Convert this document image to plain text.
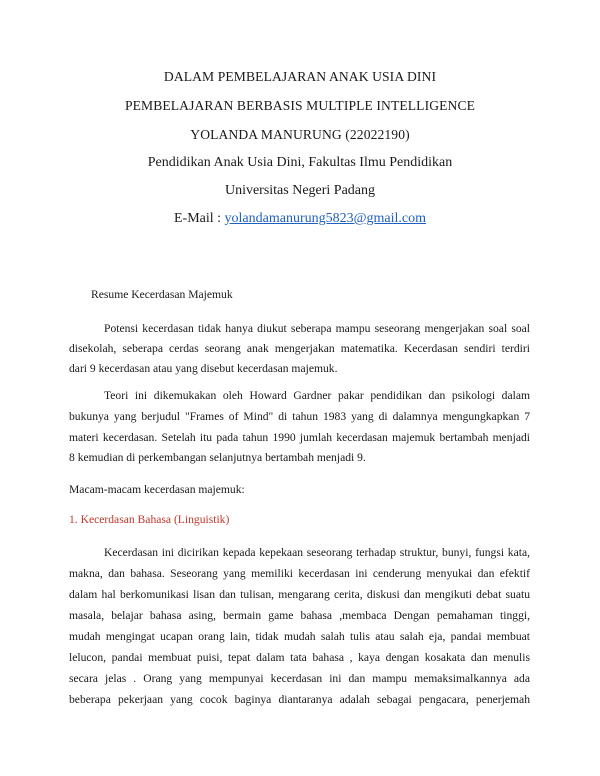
DALAM PEMBELAJARAN ANAK USIA DINI
PEMBELAJARAN BERBASIS MULTIPLE INTELLIGENCE
YOLANDA MANURUNG (22022190)
Pendidikan Anak Usia Dini, Fakultas Ilmu Pendidikan
Universitas Negeri Padang
E-Mail : yolandamanurung5823@gmail.com
Resume Kecerdasan Majemuk
Potensi kecerdasan tidak hanya diukut seberapa mampu seseorang mengerjakan soal soal
disekolah, seberapa cerdas seorang anak mengerjakan matematika. Kecerdasan sendiri terdiri
dari 9 kecerdasan atau yang disebut kecerdasan majemuk.
Teori ini dikemukakan oleh Howard Gardner pakar pendidikan dan psikologi dalam
bukunya yang berjudul "Frames of Mind" di tahun 1983 yang di dalamnya mengungkapkan 7
materi kecerdasan. Setelah itu pada tahun 1990 jumlah kecerdasan majemuk bertambah menjadi
8 kemudian di perkembangan selanjutnya bertambah menjadi 9.
Macam-macam kecerdasan majemuk:
1. Kecerdasan Bahasa (Linguistik)
Kecerdasan ini dicirikan kepada kepekaan seseorang terhadap struktur, bunyi, fungsi kata,
makna, dan bahasa. Seseorang yang memiliki kecerdasan ini cenderung menyukai dan efektif
dalam hal berkomunikasi lisan dan tulisan, mengarang cerita, diskusi dan mengikuti debat suatu
masala, belajar bahasa asing, bermain game bahasa ,membaca Dengan pemahaman tinggi,
mudah mengingat ucapan orang lain, tidak mudah salah tulis atau salah eja, pandai membuat
lelucon, pandai membuat puisi, tepat dalam tata bahasa , kaya dengan kosakata dan menulis
secara jelas . Orang yang mempunyai kecerdasan ini dan mampu memaksimalkannya ada
beberapa pekerjaan yang cocok baginya diantaranya adalah sebagai pengacara, penerjemah
